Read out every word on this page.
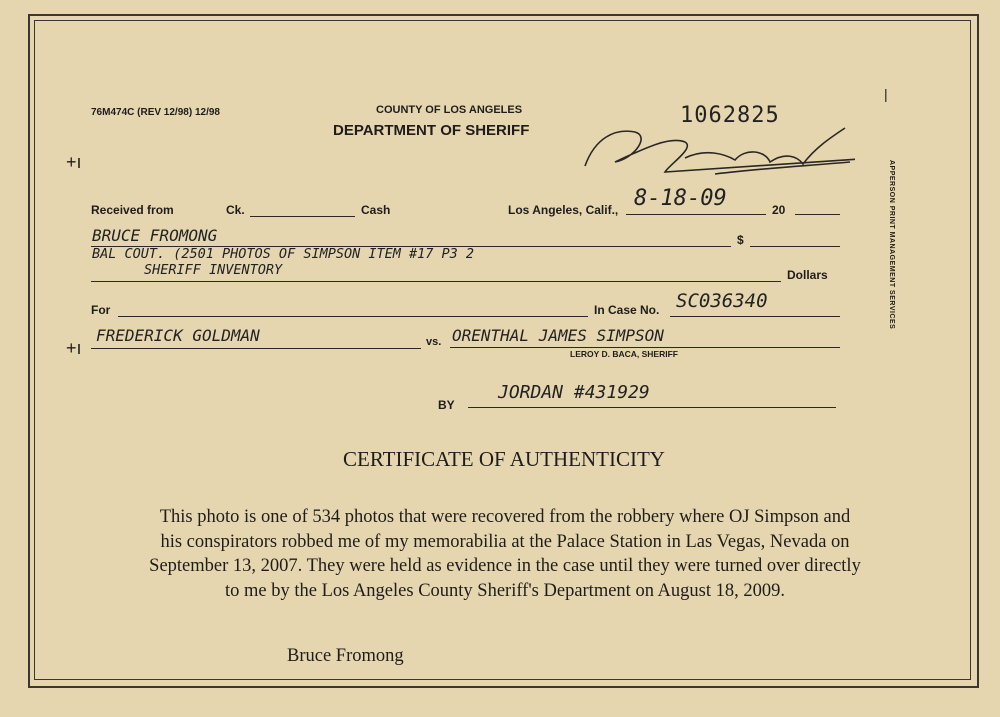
76M474C (REV 12/98) 12/98	COUNTY OF LOS ANGELES
DEPARTMENT OF SHERIFF
1062825
+ı
|
APPERSON PRINT MANAGEMENT SERVICES
Received from	Ck.	Cash	Los Angeles, Calif., 8-18-09	20
BRUCE FROMONG	$
BAL COUT. (2501 PHOTOS OF SIMPSON ITEM #17 P3 2
SHERIFF INVENTORY	Dollars
For	In Case No. SC036340
+ı
FREDERICK GOLDMAN	vs. ORENTHAL JAMES SIMPSON
LEROY D. BACA, SHERIFF
BY
JORDAN #431929
CERTIFICATE OF AUTHENTICITY
This photo is one of 534 photos that were recovered from the robbery where OJ Simpson and
his conspirators robbed me of my memorabilia at the Palace Station in Las Vegas, Nevada on
September 13, 2007. They were held as evidence in the case until they were turned over directly
to me by the Los Angeles County Sheriff's Department on August 18, 2009.
Bruce Fromong
